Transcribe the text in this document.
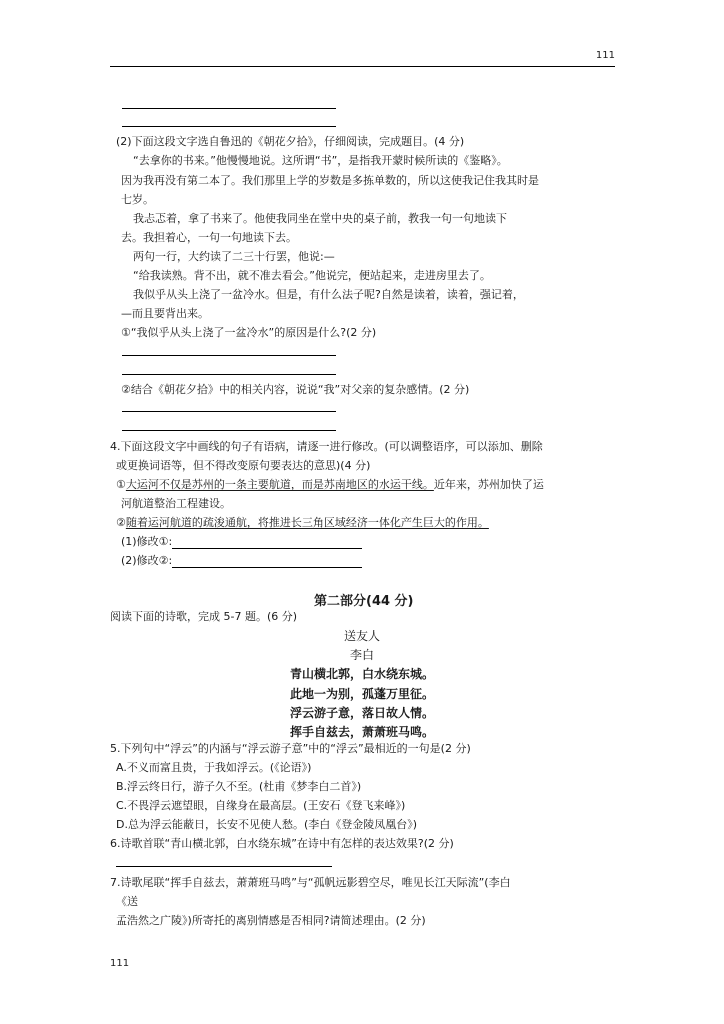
111
(2)下面这段文字选自鲁迅的《朝花夕拾》，仔细阅读，完成题目。(4 分)
“去拿你的书来。”他慢慢地说。这所谓“书”，是指我开蒙时候所读的《鉴略》。
因为我再没有第二本了。我们那里上学的岁数是多拣单数的，所以这使我记住我其时是
七岁。
我忐忑着，拿了书来了。他使我同坐在堂中央的桌子前，教我一句一句地读下
去。我担着心，一句一句地读下去。
两句一行，大约读了二三十行罢，他说:—
“给我读熟。背不出，就不准去看会。”他说完，便站起来，走进房里去了。
我似乎从头上浇了一盆冷水。但是，有什么法子呢?自然是读着，读着，强记着，
—而且要背出来。
①“我似乎从头上浇了一盆冷水”的原因是什么?(2 分)
②结合《朝花夕拾》中的相关内容，说说“我”对父亲的复杂感情。(2 分)
4.下面这段文字中画线的句子有语病，请逐一进行修改。(可以调整语序，可以添加、删除
或更换词语等，但不得改变原句要表达的意思)(4 分)
①大运河不仅是苏州的一条主要航道，而是苏南地区的水运干线。近年来，苏州加快了运
河航道整治工程建设。
②随着运河航道的疏浚通航，将推进长三角区域经济一体化产生巨大的作用。
(1)修改①:
(2)修改②:
第二部分(44 分)
阅读下面的诗歌，完成 5-7 题。(6 分)
送友人
李白
青山横北郭，白水绕东城。
此地一为别，孤蓬万里征。
浮云游子意，落日故人情。
挥手自兹去，萧萧班马鸣。
5.下列句中“浮云”的内涵与“浮云游子意”中的“浮云”最相近的一句是(2 分)
A.不义而富且贵，于我如浮云。(《论语》)
B.浮云终日行，游子久不至。(杜甫《梦李白二首》)
C.不畏浮云遮望眼，自缘身在最高层。(王安石《登飞来峰》)
D.总为浮云能蔽日，长安不见使人愁。(李白《登金陵凤凰台》)
6.诗歌首联“青山横北郭，白水绕东城”在诗中有怎样的表达效果?(2 分)
7.诗歌尾联“挥手自兹去，萧萧班马鸣”与“孤帆远影碧空尽，唯见长江天际流”(李白
《送
孟浩然之广陵》)所寄托的离别情感是否相同?请简述理由。(2 分)
111
